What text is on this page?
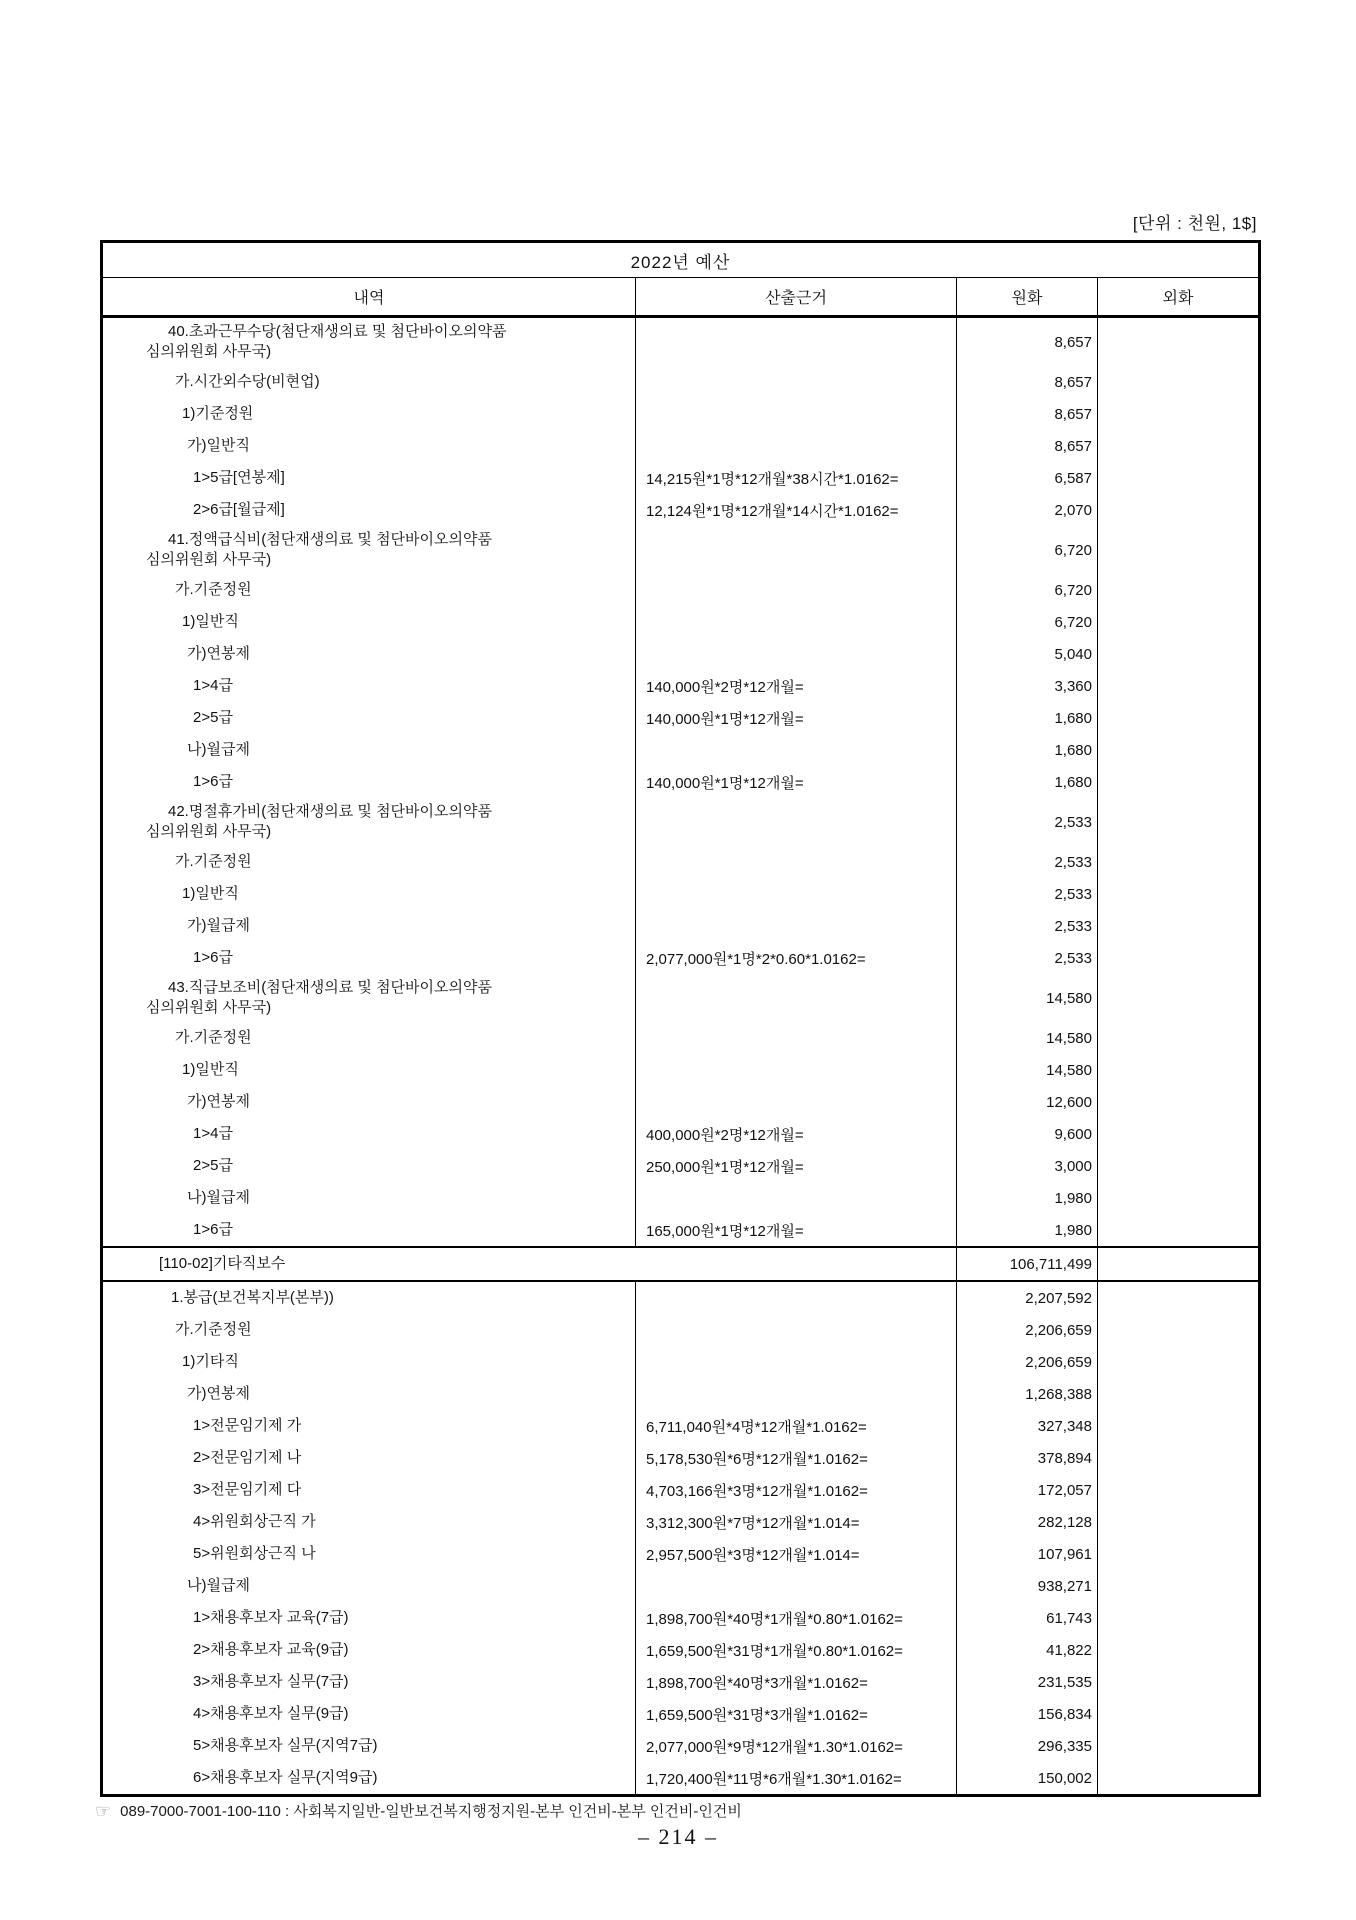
[단위 : 천원, 1$]
2022년 예산
내역	산출근거	원화	외화
40.초과근무수당(첨단재생의료 및 첨단바이오의약품
심의위원회 사무국)
8,657
가.시간외수당(비현업)	8,657
1)기준정원	8,657
가)일반직	8,657
1>5급[연봉제]	14,215원*1명*12개월*38시간*1.0162=	6,587
2>6급[월급제]	12,124원*1명*12개월*14시간*1.0162=	2,070
41.정액급식비(첨단재생의료 및 첨단바이오의약품
심의위원회 사무국)
6,720
가.기준정원	6,720
1)일반직	6,720
가)연봉제	5,040
1>4급	140,000원*2명*12개월=	3,360
2>5급	140,000원*1명*12개월=	1,680
나)월급제	1,680
1>6급	140,000원*1명*12개월=	1,680
42.명절휴가비(첨단재생의료 및 첨단바이오의약품
심의위원회 사무국)
2,533
가.기준정원	2,533
1)일반직	2,533
가)월급제	2,533
1>6급	2,077,000원*1명*2*0.60*1.0162=	2,533
43.직급보조비(첨단재생의료 및 첨단바이오의약품
심의위원회 사무국)
14,580
가.기준정원	14,580
1)일반직	14,580
가)연봉제	12,600
1>4급	400,000원*2명*12개월=	9,600
2>5급	250,000원*1명*12개월=	3,000
나)월급제	1,980
1>6급	165,000원*1명*12개월=	1,980
[110-02]기타직보수	106,711,499
1.봉급(보건복지부(본부))	2,207,592
가.기준정원	2,206,659
1)기타직	2,206,659
가)연봉제	1,268,388
1>전문임기제 가	6,711,040원*4명*12개월*1.0162=	327,348
2>전문임기제 나	5,178,530원*6명*12개월*1.0162=	378,894
3>전문임기제 다	4,703,166원*3명*12개월*1.0162=	172,057
4>위원회상근직 가	3,312,300원*7명*12개월*1.014=	282,128
5>위원회상근직 나	2,957,500원*3명*12개월*1.014=	107,961
나)월급제	938,271
1>채용후보자 교육(7급)	1,898,700원*40명*1개월*0.80*1.0162=	61,743
2>채용후보자 교육(9급)	1,659,500원*31명*1개월*0.80*1.0162=	41,822
3>채용후보자 실무(7급)	1,898,700원*40명*3개월*1.0162=	231,535
4>채용후보자 실무(9급)	1,659,500원*31명*3개월*1.0162=	156,834
5>채용후보자 실무(지역7급)	2,077,000원*9명*12개월*1.30*1.0162=	296,335
6>채용후보자 실무(지역9급)	1,720,400원*11명*6개월*1.30*1.0162=	150,002
☞ 089-7000-7001-100-110 : 사회복지일반-일반보건복지행정지원-본부 인건비-본부 인건비-인건비
– 214 –
